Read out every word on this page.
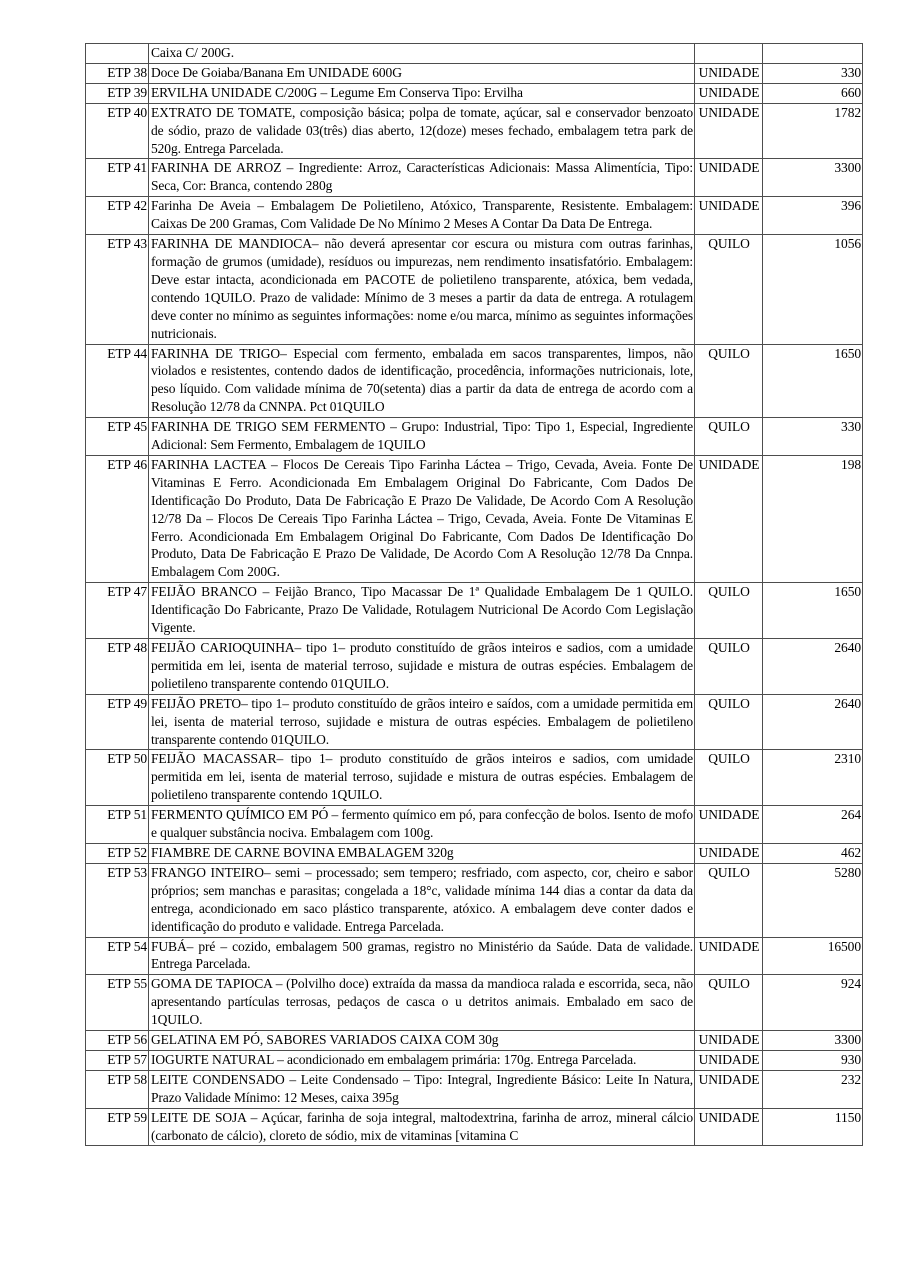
	Caixa C/ 200G.		
ETP 38	Doce De Goiaba/Banana Em UNIDADE 600G	UNIDADE	330
ETP 39	ERVILHA UNIDADE C/200G – Legume Em Conserva Tipo: Ervilha	UNIDADE	660
ETP 40	EXTRATO DE TOMATE, composição básica; polpa de tomate, açúcar, sal e conservador benzoato de sódio, prazo de validade 03(três) dias aberto, 12(doze) meses fechado, embalagem tetra park de 520g. Entrega Parcelada.	UNIDADE	1782
ETP 41	FARINHA DE ARROZ – Ingrediente: Arroz, Características Adicionais: Massa Alimentícia, Tipo: Seca, Cor: Branca, contendo 280g	UNIDADE	3300
ETP 42	Farinha De Aveia – Embalagem De Polietileno, Atóxico, Transparente, Resistente. Embalagem: Caixas De 200 Gramas, Com Validade De No Mínimo 2 Meses A Contar Da Data De Entrega.	UNIDADE	396
ETP 43	FARINHA DE MANDIOCA– não deverá apresentar cor escura ou mistura com outras farinhas, formação de grumos (umidade), resíduos ou impurezas, nem rendimento insatisfatório. Embalagem: Deve estar intacta, acondicionada em PACOTE de polietileno transparente, atóxica, bem vedada, contendo 1QUILO. Prazo de validade: Mínimo de 3 meses a partir da data de entrega. A rotulagem deve conter no mínimo as seguintes informações: nome e/ou marca, mínimo as seguintes informações nutricionais.	QUILO	1056
ETP 44	FARINHA DE TRIGO– Especial com fermento, embalada em sacos transparentes, limpos, não violados e resistentes, contendo dados de identificação, procedência, informações nutricionais, lote, peso líquido. Com validade mínima de 70(setenta) dias a partir da data de entrega de acordo com a Resolução 12/78 da CNNPA. Pct 01QUILO	QUILO	1650
ETP 45	FARINHA DE TRIGO SEM FERMENTO – Grupo: Industrial, Tipo: Tipo 1, Especial, Ingrediente Adicional: Sem Fermento, Embalagem de 1QUILO	QUILO	330
ETP 46	FARINHA LACTEA – Flocos De Cereais Tipo Farinha Láctea – Trigo, Cevada, Aveia. Fonte De Vitaminas E Ferro. Acondicionada Em Embalagem Original Do Fabricante, Com Dados De Identificação Do Produto, Data De Fabricação E Prazo De Validade, De Acordo Com A Resolução 12/78 Da – Flocos De Cereais Tipo Farinha Láctea – Trigo, Cevada, Aveia. Fonte De Vitaminas E Ferro. Acondicionada Em Embalagem Original Do Fabricante, Com Dados De Identificação Do Produto, Data De Fabricação E Prazo De Validade, De Acordo Com A Resolução 12/78 Da Cnnpa. Embalagem Com 200G.	UNIDADE	198
ETP 47	FEIJÃO BRANCO – Feijão Branco, Tipo Macassar De 1ª Qualidade Embalagem De 1 QUILO. Identificação Do Fabricante, Prazo De Validade, Rotulagem Nutricional De Acordo Com Legislação Vigente.	QUILO	1650
ETP 48	FEIJÃO CARIOQUINHA– tipo 1– produto constituído de grãos inteiros e sadios, com a umidade permitida em lei, isenta de material terroso, sujidade e mistura de outras espécies. Embalagem de polietileno transparente contendo 01QUILO.	QUILO	2640
ETP 49	FEIJÃO PRETO– tipo 1– produto constituído de grãos inteiro e saídos, com a umidade permitida em lei, isenta de material terroso, sujidade e mistura de outras espécies. Embalagem de polietileno transparente contendo 01QUILO.	QUILO	2640
ETP 50	FEIJÃO MACASSAR– tipo 1– produto constituído de grãos inteiros e sadios, com umidade permitida em lei, isenta de material terroso, sujidade e mistura de outras espécies. Embalagem de polietileno transparente contendo 1QUILO.	QUILO	2310
ETP 51	FERMENTO QUÍMICO EM PÓ – fermento químico em pó, para confecção de bolos. Isento de mofo e qualquer substância nociva. Embalagem com 100g.	UNIDADE	264
ETP 52	FIAMBRE DE CARNE BOVINA EMBALAGEM 320g	UNIDADE	462
ETP 53	FRANGO INTEIRO– semi – processado; sem tempero; resfriado, com aspecto, cor, cheiro e sabor próprios; sem manchas e parasitas; congelada a 18°c, validade mínima 144 dias a contar da data da entrega, acondicionado em saco plástico transparente, atóxico. A embalagem deve conter dados e identificação do produto e validade. Entrega Parcelada.	QUILO	5280
ETP 54	FUBÁ– pré – cozido, embalagem 500 gramas, registro no Ministério da Saúde. Data de validade. Entrega Parcelada.	UNIDADE	16500
ETP 55	GOMA DE TAPIOCA – (Polvilho doce) extraída da massa da mandioca ralada e escorrida, seca, não apresentando partículas terrosas, pedaços de casca o u detritos animais. Embalado em saco de 1QUILO.	QUILO	924
ETP 56	GELATINA EM PÓ, SABORES VARIADOS CAIXA COM 30g	UNIDADE	3300
ETP 57	IOGURTE NATURAL – acondicionado em embalagem primária: 170g. Entrega Parcelada.	UNIDADE	930
ETP 58	LEITE CONDENSADO – Leite Condensado – Tipo: Integral, Ingrediente Básico: Leite In Natura, Prazo Validade Mínimo: 12 Meses, caixa 395g	UNIDADE	232
ETP 59	LEITE DE SOJA – Açúcar, farinha de soja integral, maltodextrina, farinha de arroz, mineral cálcio (carbonato de cálcio), cloreto de sódio, mix de vitaminas [vitamina C	UNIDADE	1150
